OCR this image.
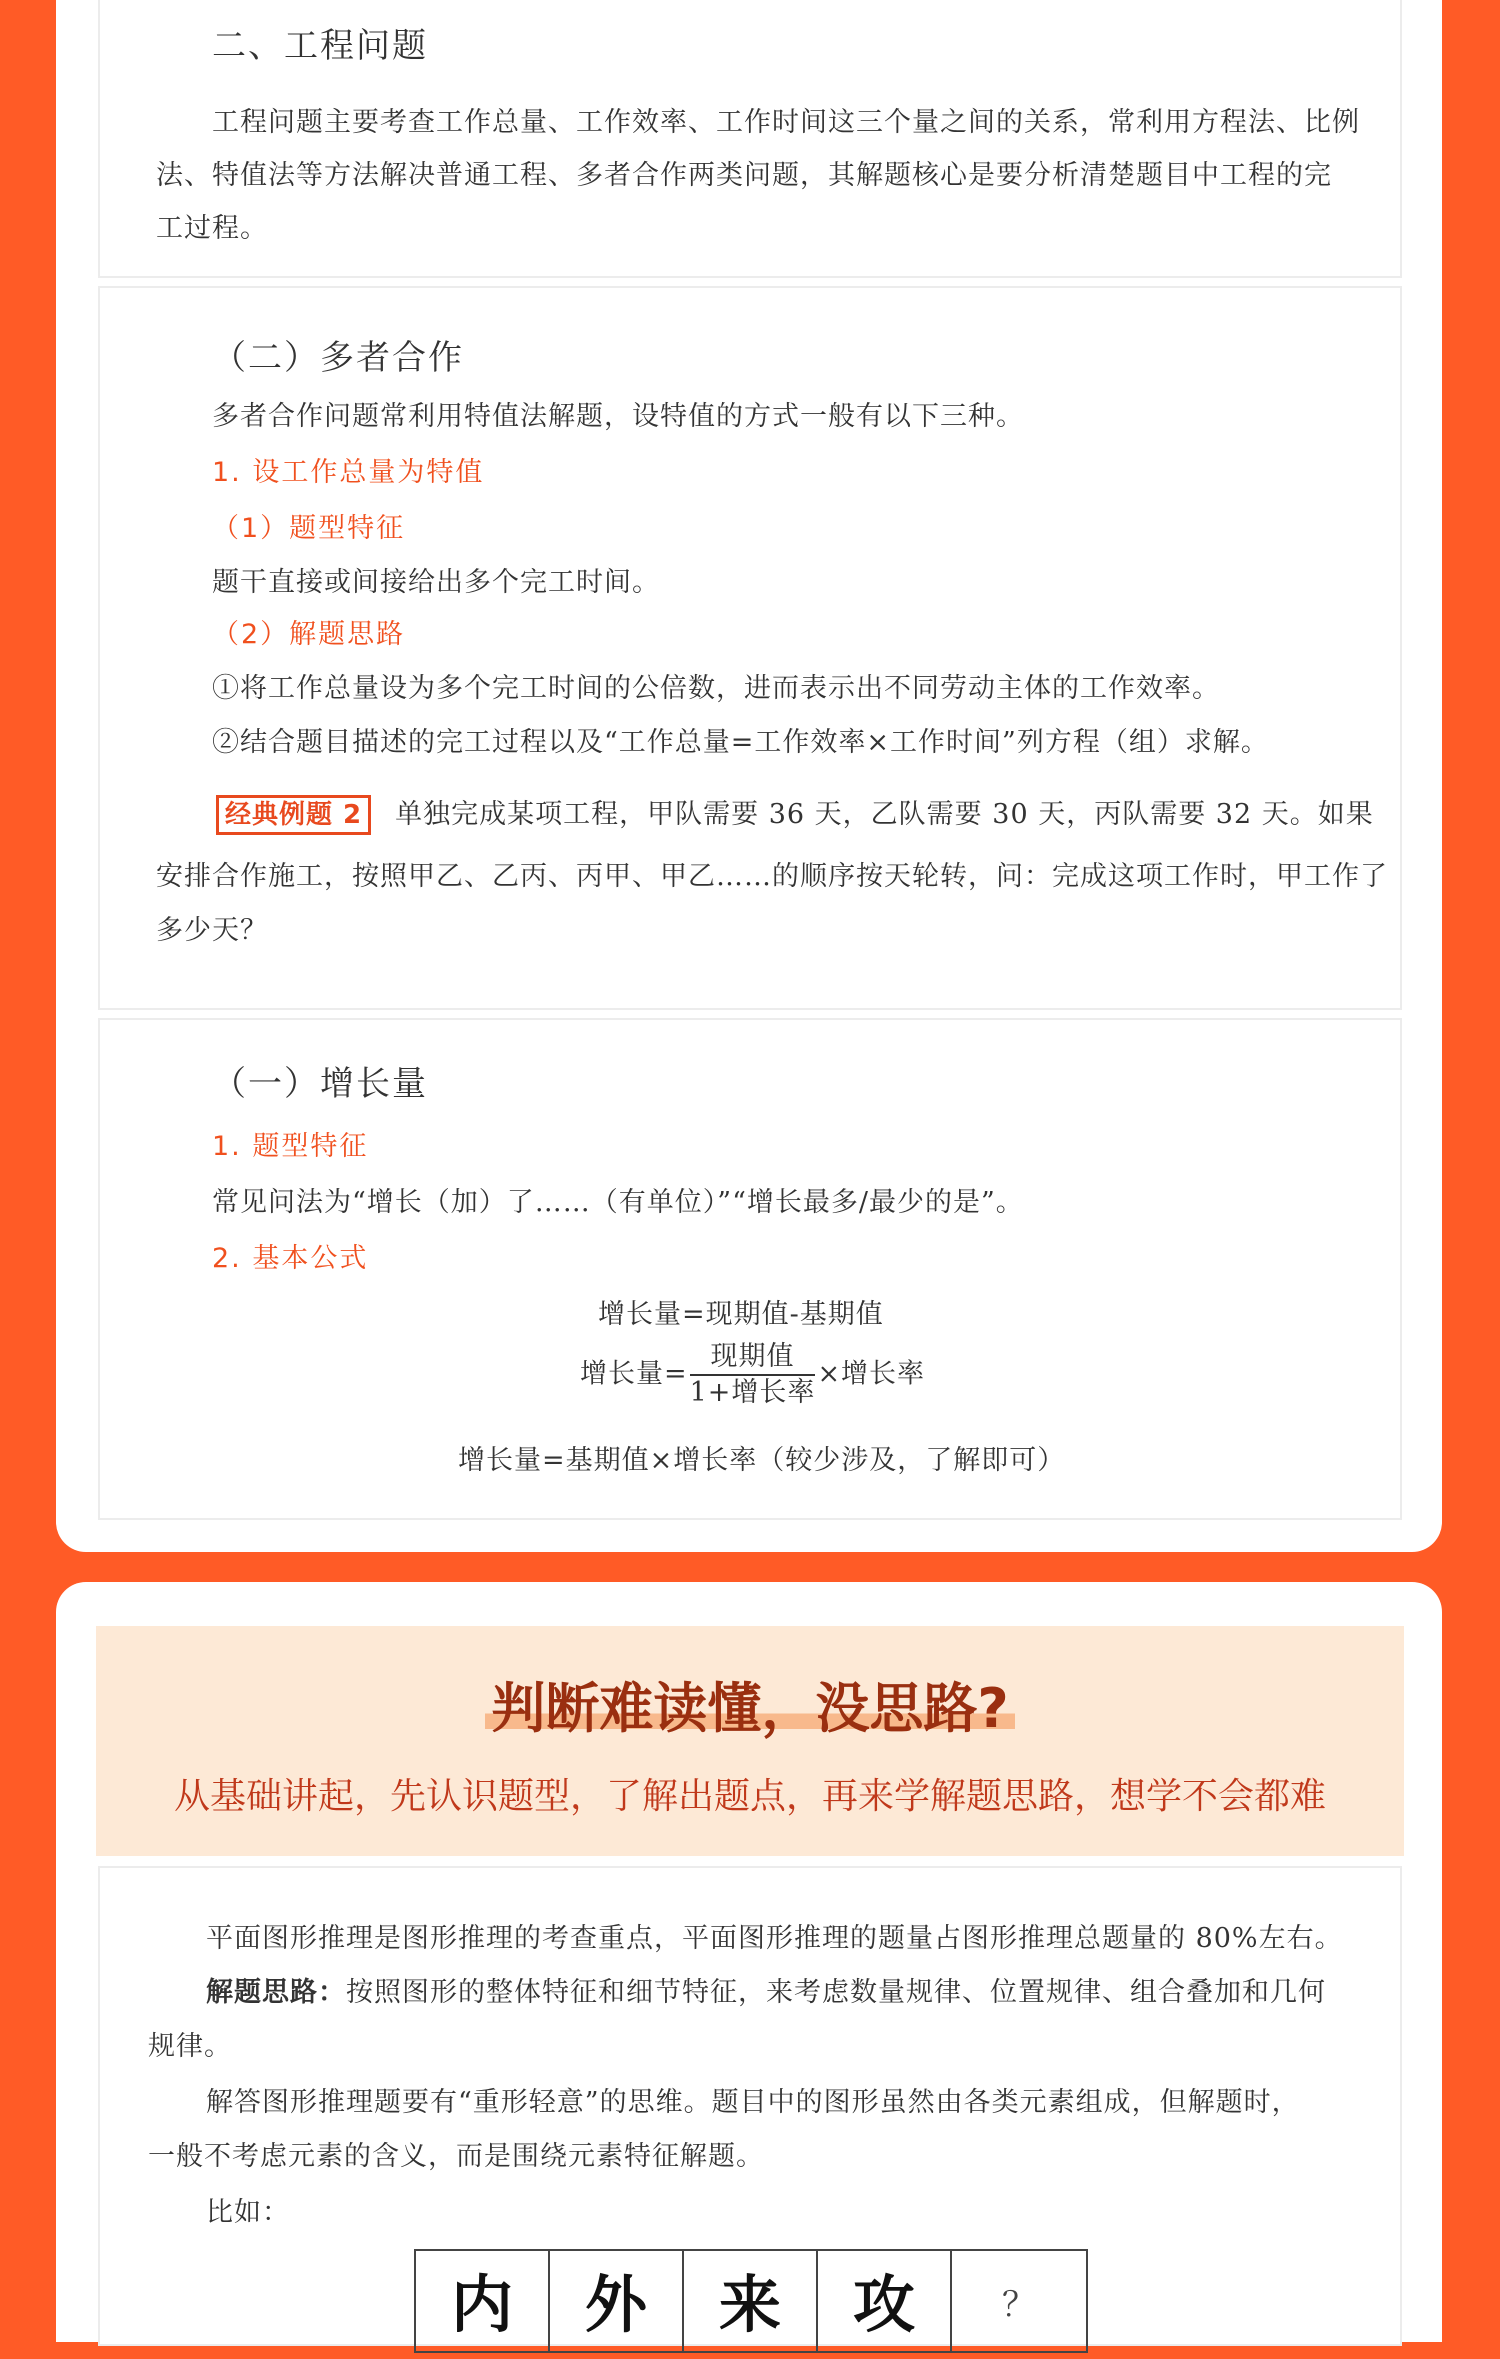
二、工程问题
工程问题主要考查工作总量、工作效率、工作时间这三个量之间的关系，常利用方程法、比例
法、特值法等方法解决普通工程、多者合作两类问题，其解题核心是要分析清楚题目中工程的完
工过程。
（二）多者合作
多者合作问题常利用特值法解题，设特值的方式一般有以下三种。
1. 设工作总量为特值
（1）题型特征
题干直接或间接给出多个完工时间。
（2）解题思路
①将工作总量设为多个完工时间的公倍数，进而表示出不同劳动主体的工作效率。
②结合题目描述的完工过程以及“工作总量=工作效率×工作时间”列方程（组）求解。
经典例题 2 单独完成某项工程，甲队需要 36 天，乙队需要 30 天，丙队需要 32 天。如果
安排合作施工，按照甲乙、乙丙、丙甲、甲乙……的顺序按天轮转，问：完成这项工作时，甲工作了
多少天？
（一）增长量
1. 题型特征
常见问法为“增长（加）了……（有单位）”“增长最多/最少的是”。
2. 基本公式
增长量=现期值-基期值
增长量= $\frac{\text{现期值}}{\text{1+增长率}}$ ×增长率
增长量=基期值×增长率（较少涉及，了解即可）
判断难读懂，没思路?
从基础讲起，先认识题型，了解出题点，再来学解题思路，想学不会都难
平面图形推理是图形推理的考查重点，平面图形推理的题量占图形推理总题量的 80%左右。
解题思路：按照图形的整体特征和细节特征，来考虑数量规律、位置规律、组合叠加和几何
规律。
解答图形推理题要有“重形轻意”的思维。题目中的图形虽然由各类元素组成，但解题时，
一般不考虑元素的含义，而是围绕元素特征解题。
比如：
内	外	来	攻	？
